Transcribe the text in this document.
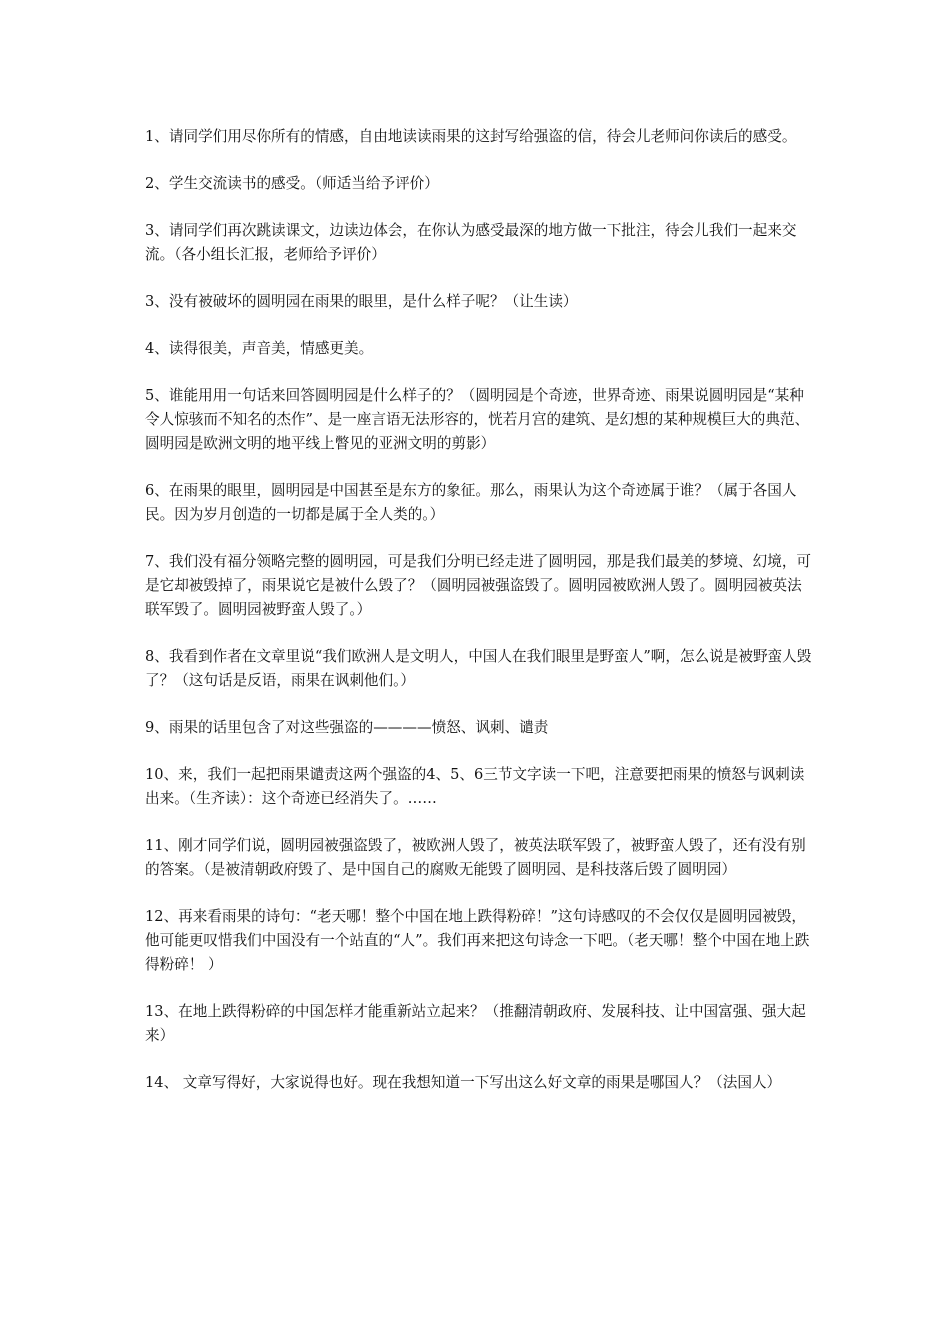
1、请同学们用尽你所有的情感，自由地读读雨果的这封写给强盗的信，待会儿老师问你读后的感受。

2、学生交流读书的感受。（师适当给予评价）

3、请同学们再次跳读课文，边读边体会，在你认为感受最深的地方做一下批注，待会儿我们一起来交流。（各小组长汇报，老师给予评价）

3、没有被破坏的圆明园在雨果的眼里，是什么样子呢？（让生读）

4、读得很美，声音美，情感更美。

5、谁能用用一句话来回答圆明园是什么样子的？（圆明园是个奇迹，世界奇迹、雨果说圆明园是“某种令人惊骇而不知名的杰作”、是一座言语无法形容的，恍若月宫的建筑、是幻想的某种规模巨大的典范、圆明园是欧洲文明的地平线上瞥见的亚洲文明的剪影）

6、在雨果的眼里，圆明园是中国甚至是东方的象征。那么，雨果认为这个奇迹属于谁？（属于各国人民。因为岁月创造的一切都是属于全人类的。）

7、我们没有福分领略完整的圆明园，可是我们分明已经走进了圆明园，那是我们最美的梦境、幻境，可是它却被毁掉了，雨果说它是被什么毁了？（圆明园被强盗毁了。圆明园被欧洲人毁了。圆明园被英法联军毁了。圆明园被野蛮人毁了。）

8、我看到作者在文章里说“我们欧洲人是文明人，中国人在我们眼里是野蛮人”啊，怎么说是被野蛮人毁了？（这句话是反语，雨果在讽刺他们。）

9、雨果的话里包含了对这些强盗的————愤怒、讽刺、谴责

10、来，我们一起把雨果谴责这两个强盗的4、5、6三节文字读一下吧，注意要把雨果的愤怒与讽刺读出来。（生齐读）：这个奇迹已经消失了。……

11、刚才同学们说，圆明园被强盗毁了，被欧洲人毁了，被英法联军毁了，被野蛮人毁了，还有没有别的答案。（是被清朝政府毁了、是中国自己的腐败无能毁了圆明园、是科技落后毁了圆明园）

12、再来看雨果的诗句：“老天哪！整个中国在地上跌得粉碎！”这句诗感叹的不会仅仅是圆明园被毁，他可能更叹惜我们中国没有一个站直的“人”。我们再来把这句诗念一下吧。（老天哪！整个中国在地上跌得粉碎！ ）

13、在地上跌得粉碎的中国怎样才能重新站立起来？（推翻清朝政府、发展科技、让中国富强、强大起来）

14、 文章写得好，大家说得也好。现在我想知道一下写出这么好文章的雨果是哪国人？（法国人）
